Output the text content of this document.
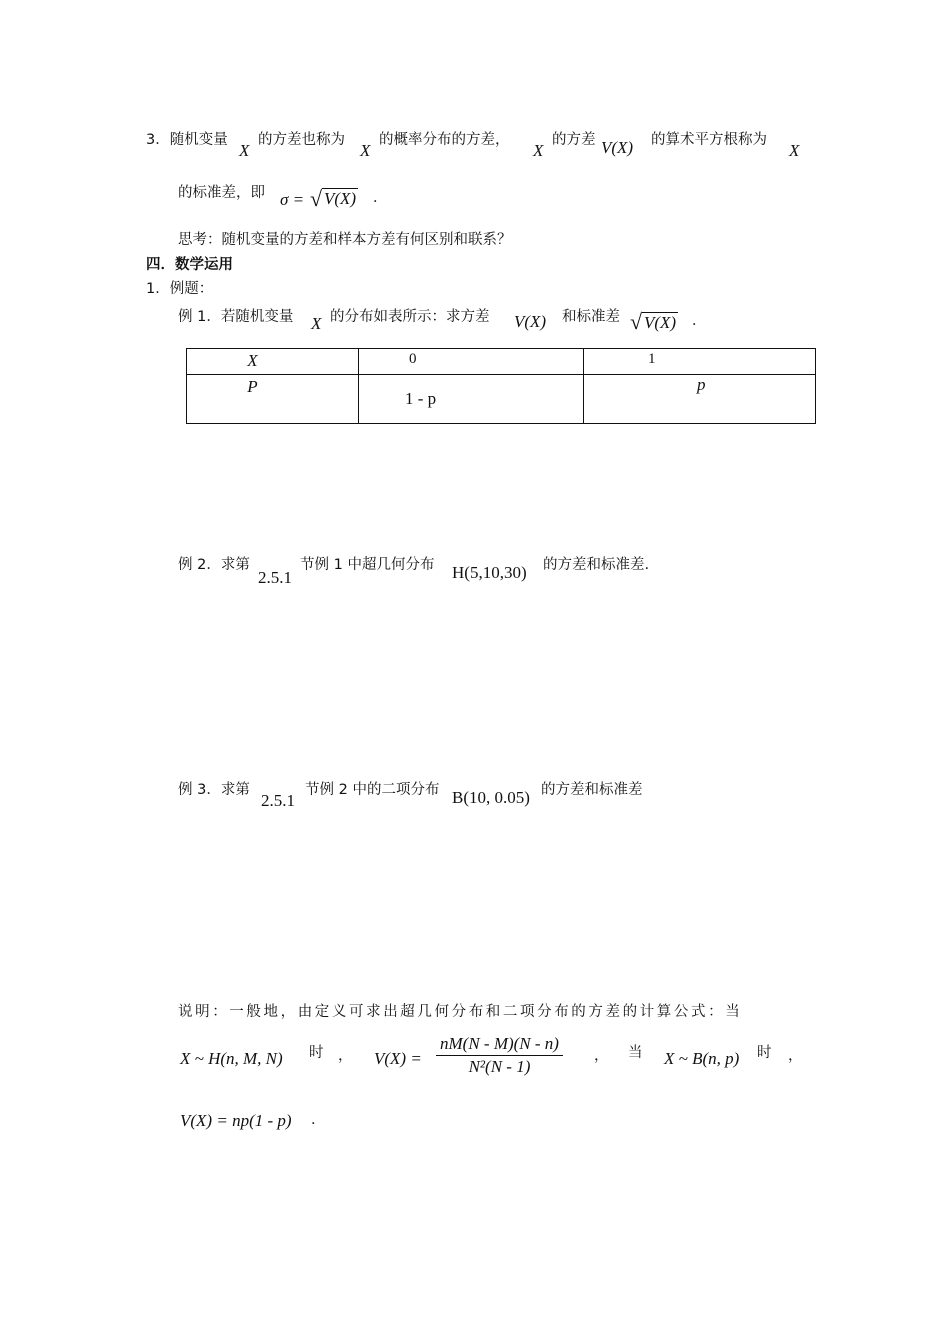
3．随机变量
X
的方差也称为
X
的概率分布的方差，
X
的方差 V(X) 的算术平方根称为
X
的标准差，即 σ = √ V(X) ．
思考：随机变量的方差和样本方差有何区别和联系？
四．数学运用
1．例题：
例 1．若随机变量 X 的分布如表所示：求方差 V(X) 和标准差 √ V(X) ．
X	0	1
P	1 - p	p
例 2．求第
2.5.1
节例 1 中超几何分布 H(5,10,30) 的方差和标准差.
例 3．求第
2.5.1
节例 2 中的二项分布 B(10, 0.05) 的方差和标准差
说明：一般地，由定义可求出超几何分布和二项分布的方差的计算公式：当
X ~ H(n, M, N) 时 ， $V(X) = \frac{nM(N - M)(N - n)}{\text{N²(N - 1)}}$ ， 当 X ~ B(n, p) 时 ，
V(X) = np(1 - p) ．
